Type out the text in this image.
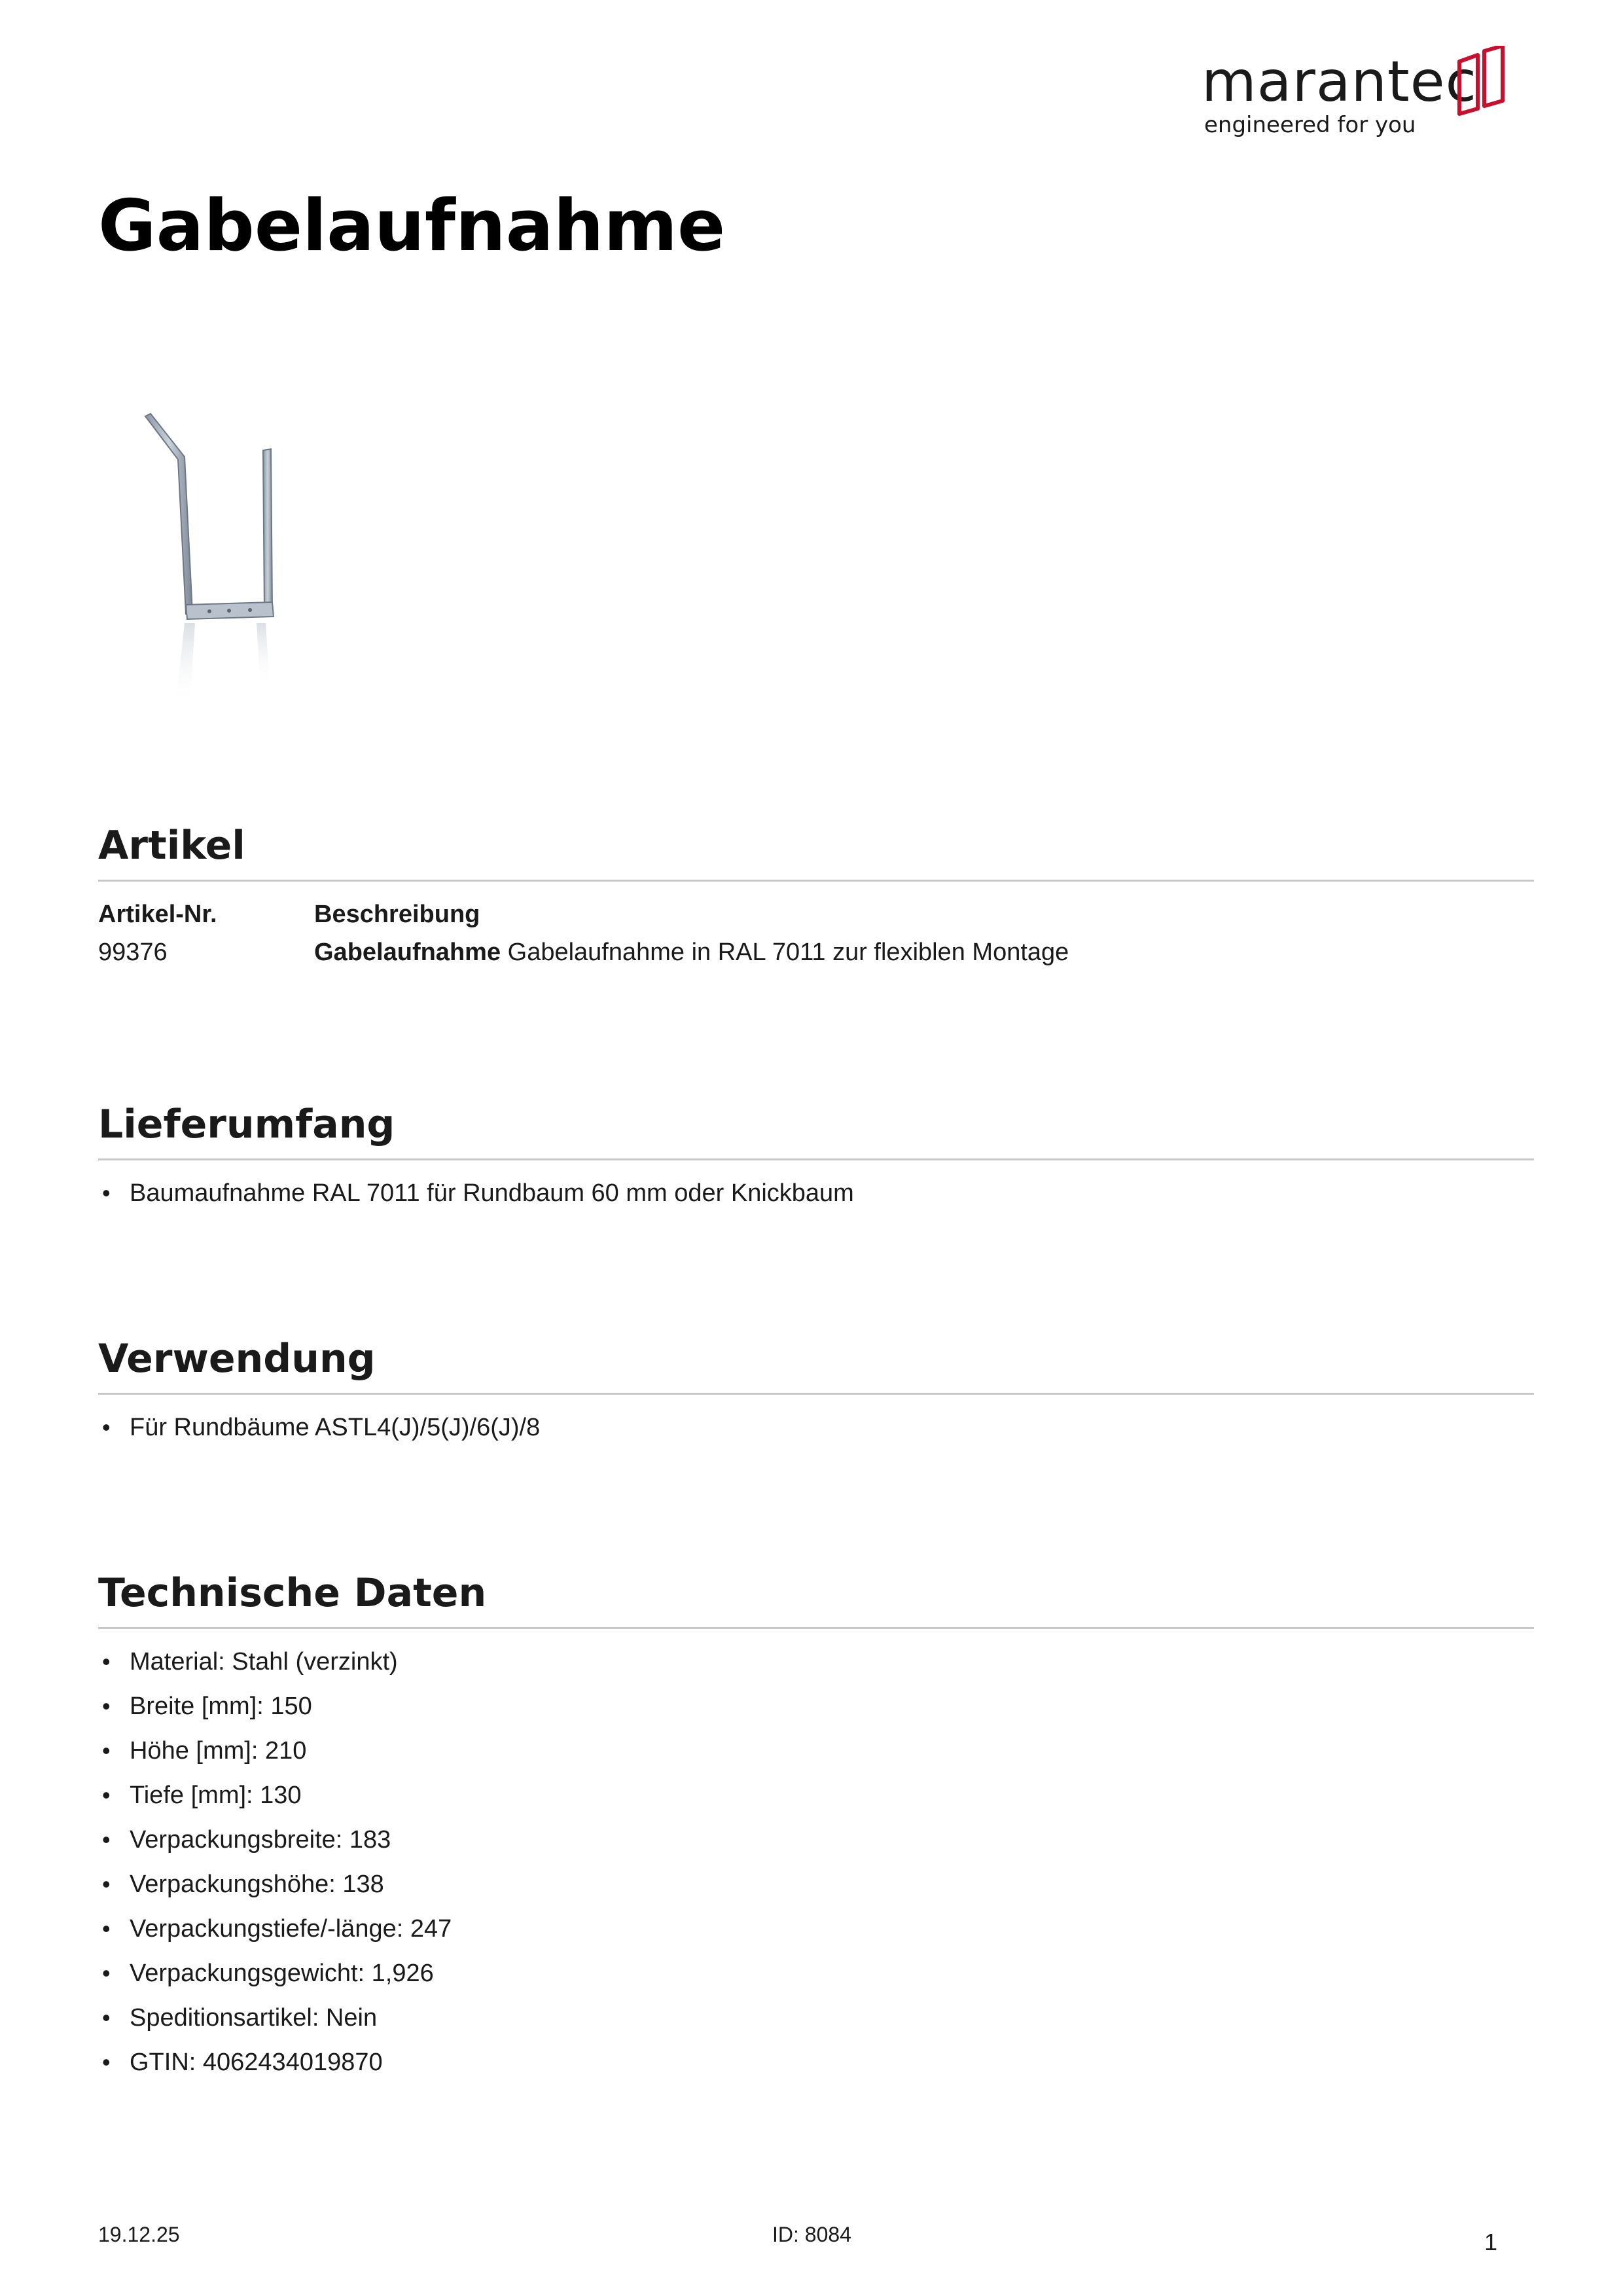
marantec
engineered for you
Gabelaufnahme
Artikel
Artikel-Nr.	Beschreibung
99376	Gabelaufnahme Gabelaufnahme in RAL 7011 zur flexiblen Montage
Lieferumfang
• Baumaufnahme RAL 7011 für Rundbaum 60 mm oder Knickbaum
Verwendung
• Für Rundbäume ASTL4(J)/5(J)/6(J)/8
Technische Daten
• Material: Stahl (verzinkt)
• Breite [mm]: 150
• Höhe [mm]: 210
• Tiefe [mm]: 130
• Verpackungsbreite: 183
• Verpackungshöhe: 138
• Verpackungstiefe/-länge: 247
• Verpackungsgewicht: 1,926
• Speditionsartikel: Nein
• GTIN: 4062434019870
19.12.25	ID: 8084	1
